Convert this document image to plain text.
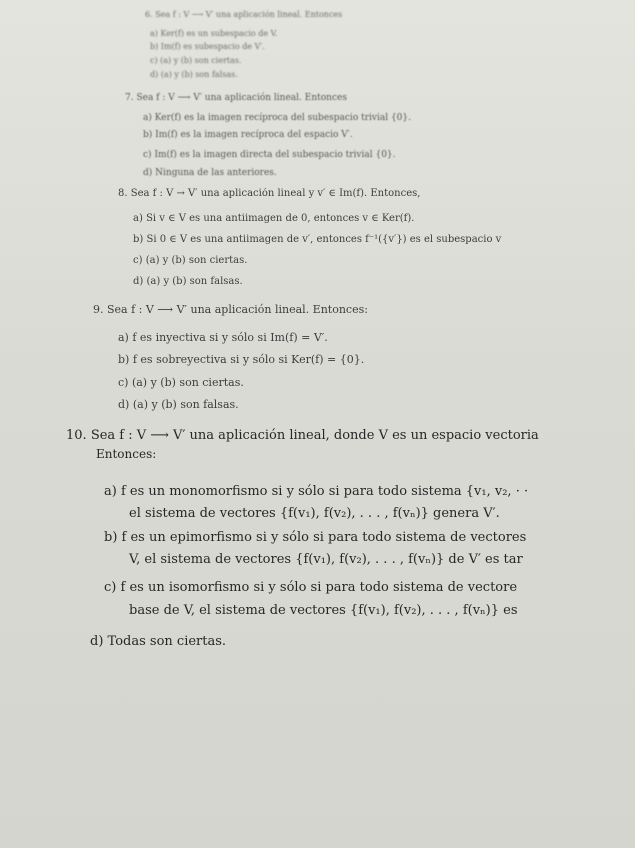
6. Sea f : V ⟶ V′ una aplicación lineal. Entonces
a) Ker(f) es un subespacio de V.
b) Im(f) es subespacio de V′.
c) (a) y (b) son ciertas.
d) (a) y (b) son falsas.
7. Sea f : V ⟶ V′ una aplicación lineal. Entonces
a) Ker(f) es la imagen recíproca del subespacio trivial {0}.
b) Im(f) es la imagen recíproca del espacio V′.
c) Im(f) es la imagen directa del subespacio trivial {0}.
d) Ninguna de las anteriores.
8. Sea f : V → V′ una aplicación lineal y v′ ∈ Im(f). Entonces,
a) Si v ∈ V es una antiimagen de 0, entonces v ∈ Ker(f).
b) Si 0 ∈ V es una antiimagen de v′, entonces f⁻¹({v′}) es el subespacio v
c) (a) y (b) son ciertas.
d) (a) y (b) son falsas.
9. Sea f : V ⟶ V′ una aplicación lineal. Entonces:
a) f es inyectiva si y sólo si Im(f) = V′.
b) f es sobreyectiva si y sólo si Ker(f) = {0}.
c) (a) y (b) son ciertas.
d) (a) y (b) son falsas.
10. Sea f : V ⟶ V′ una aplicación lineal, donde V es un espacio vectoria
Entonces:
a) f es un monomorfismo si y sólo si para todo sistema {v₁, v₂, · ·
el sistema de vectores {f(v₁), f(v₂), . . . , f(vₙ)} genera V′.
b) f es un epimorfismo si y sólo si para todo sistema de vectores
V, el sistema de vectores {f(v₁), f(v₂), . . . , f(vₙ)} de V′ es tar
c) f es un isomorfismo si y sólo si para todo sistema de vectore
base de V, el sistema de vectores {f(v₁), f(v₂), . . . , f(vₙ)} es
d) Todas son ciertas.
